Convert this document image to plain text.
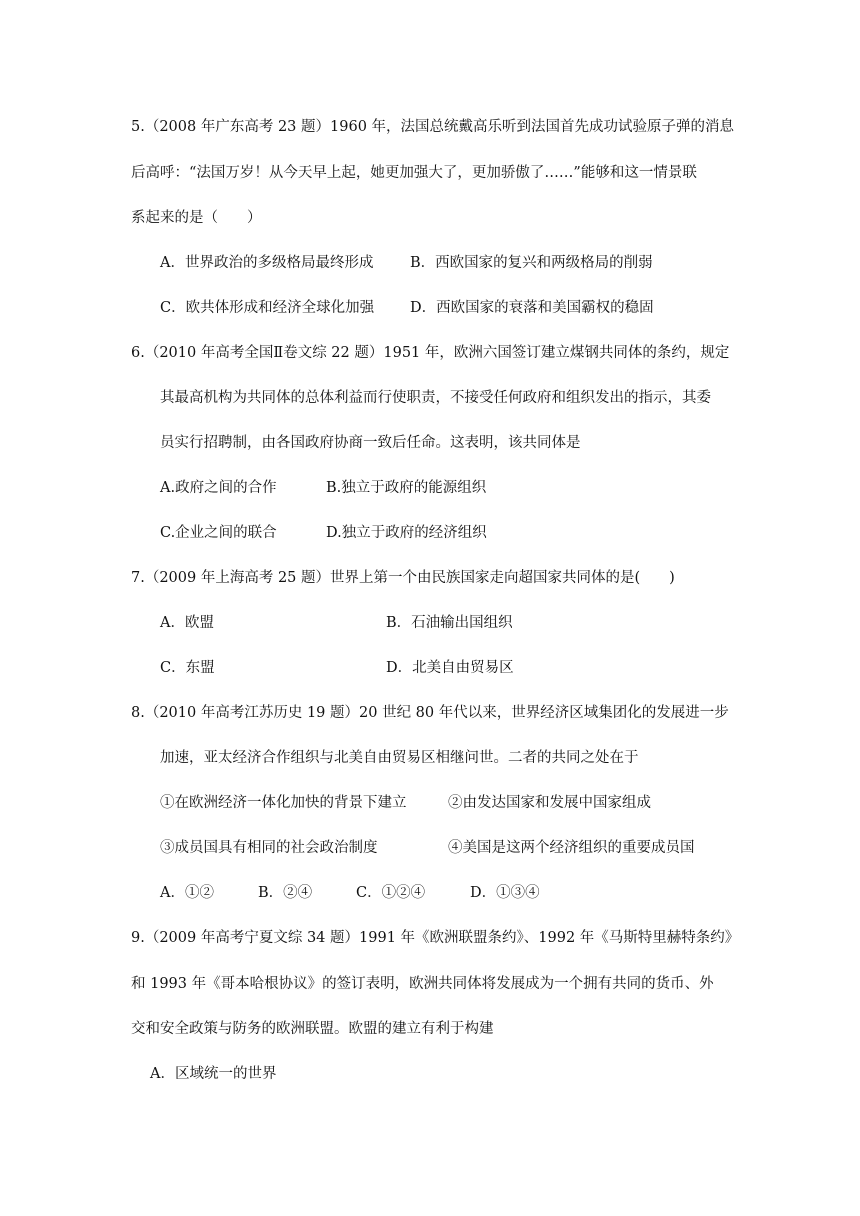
5.（2008 年广东高考 23 题）1960 年，法国总统戴高乐听到法国首先成功试验原子弹的消息
后高呼：“法国万岁！从今天早上起，她更加强大了，更加骄傲了……”能够和这一情景联
系起来的是（　　）
A．世界政治的多级格局最终形成	B．西欧国家的复兴和两级格局的削弱
C．欧共体形成和经济全球化加强 D．西欧国家的衰落和美国霸权的稳固
6.（2010 年高考全国Ⅱ卷文综 22 题）1951 年，欧洲六国签订建立煤钢共同体的条约，规定
其最高机构为共同体的总体利益而行使职责，不接受任何政府和组织发出的指示，其委
员实行招聘制，由各国政府协商一致后任命。这表明，该共同体是
A.政府之间的合作	B.独立于政府的能源组织
C.企业之间的联合	D.独立于政府的经济组织
7.（2009 年上海高考 25 题）世界上第一个由民族国家走向超国家共同体的是(　　)
A．欧盟	B．石油输出国组织
C．东盟	D．北美自由贸易区
8.（2010 年高考江苏历史 19 题）20 世纪 80 年代以来，世界经济区域集团化的发展进一步
加速，亚太经济合作组织与北美自由贸易区相继问世。二者的共同之处在于
①在欧洲经济一体化加快的背景下建立	②由发达国家和发展中国家组成
③成员国具有相同的社会政治制度	④美国是这两个经济组织的重要成员国
A．①②	B．②④	C．①②④	D．①③④
9.（2009 年高考宁夏文综 34 题）1991 年《欧洲联盟条约》、1992 年《马斯特里赫特条约》
和 1993 年《哥本哈根协议》的签订表明，欧洲共同体将发展成为一个拥有共同的货币、外
交和安全政策与防务的欧洲联盟。欧盟的建立有利于构建
A．区域统一的世界
